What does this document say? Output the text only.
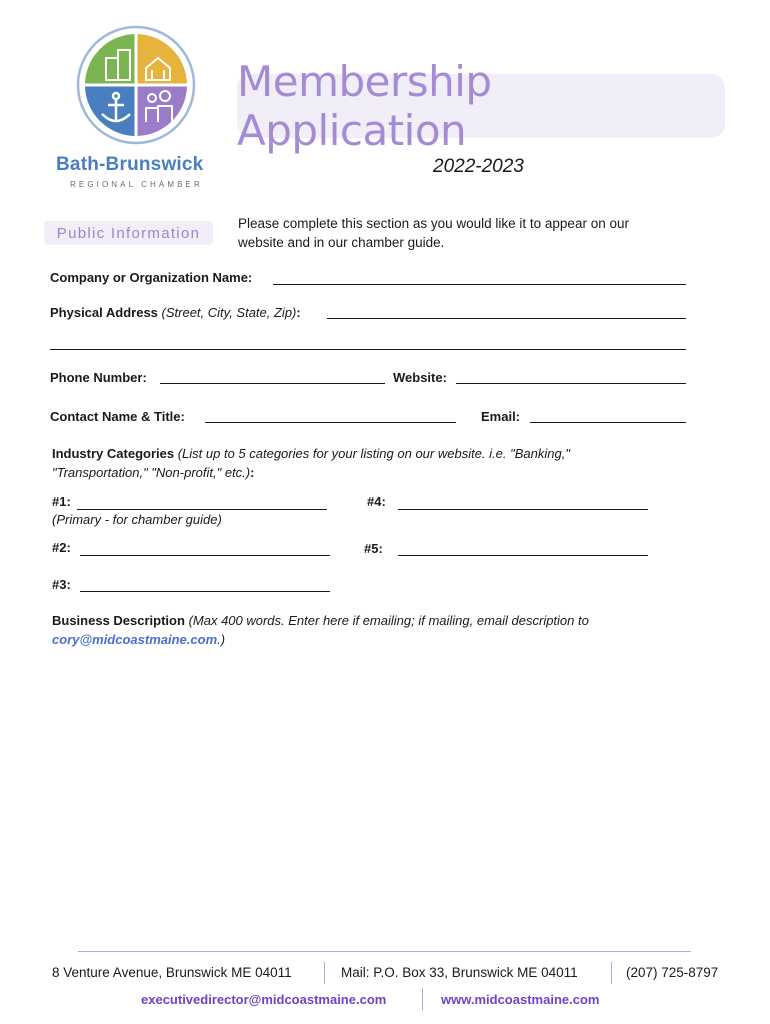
Bath-Brunswick
REGIONAL CHAMBER
Membership Application
2022-2023
Public Information
Please complete this section as you would like it to appear on our website and in our chamber guide.
Company or Organization Name:
Physical Address (Street, City, State, Zip):
Phone Number:	Website:
Contact Name & Title:	Email:
Industry Categories (List up to 5 categories for your listing on our website. i.e. "Banking," "Transportation," "Non-profit," etc.):
#1:
(Primary - for chamber guide)
#4:
#2:	#5:
#3:
Business Description (Max 400 words. Enter here if emailing; if mailing, email description to
cory@midcoastmaine.com.)
8 Venture Avenue, Brunswick ME 04011	Mail: P.O. Box 33, Brunswick ME 04011	(207) 725-8797
executivedirector@midcoastmaine.com	www.midcoastmaine.com
